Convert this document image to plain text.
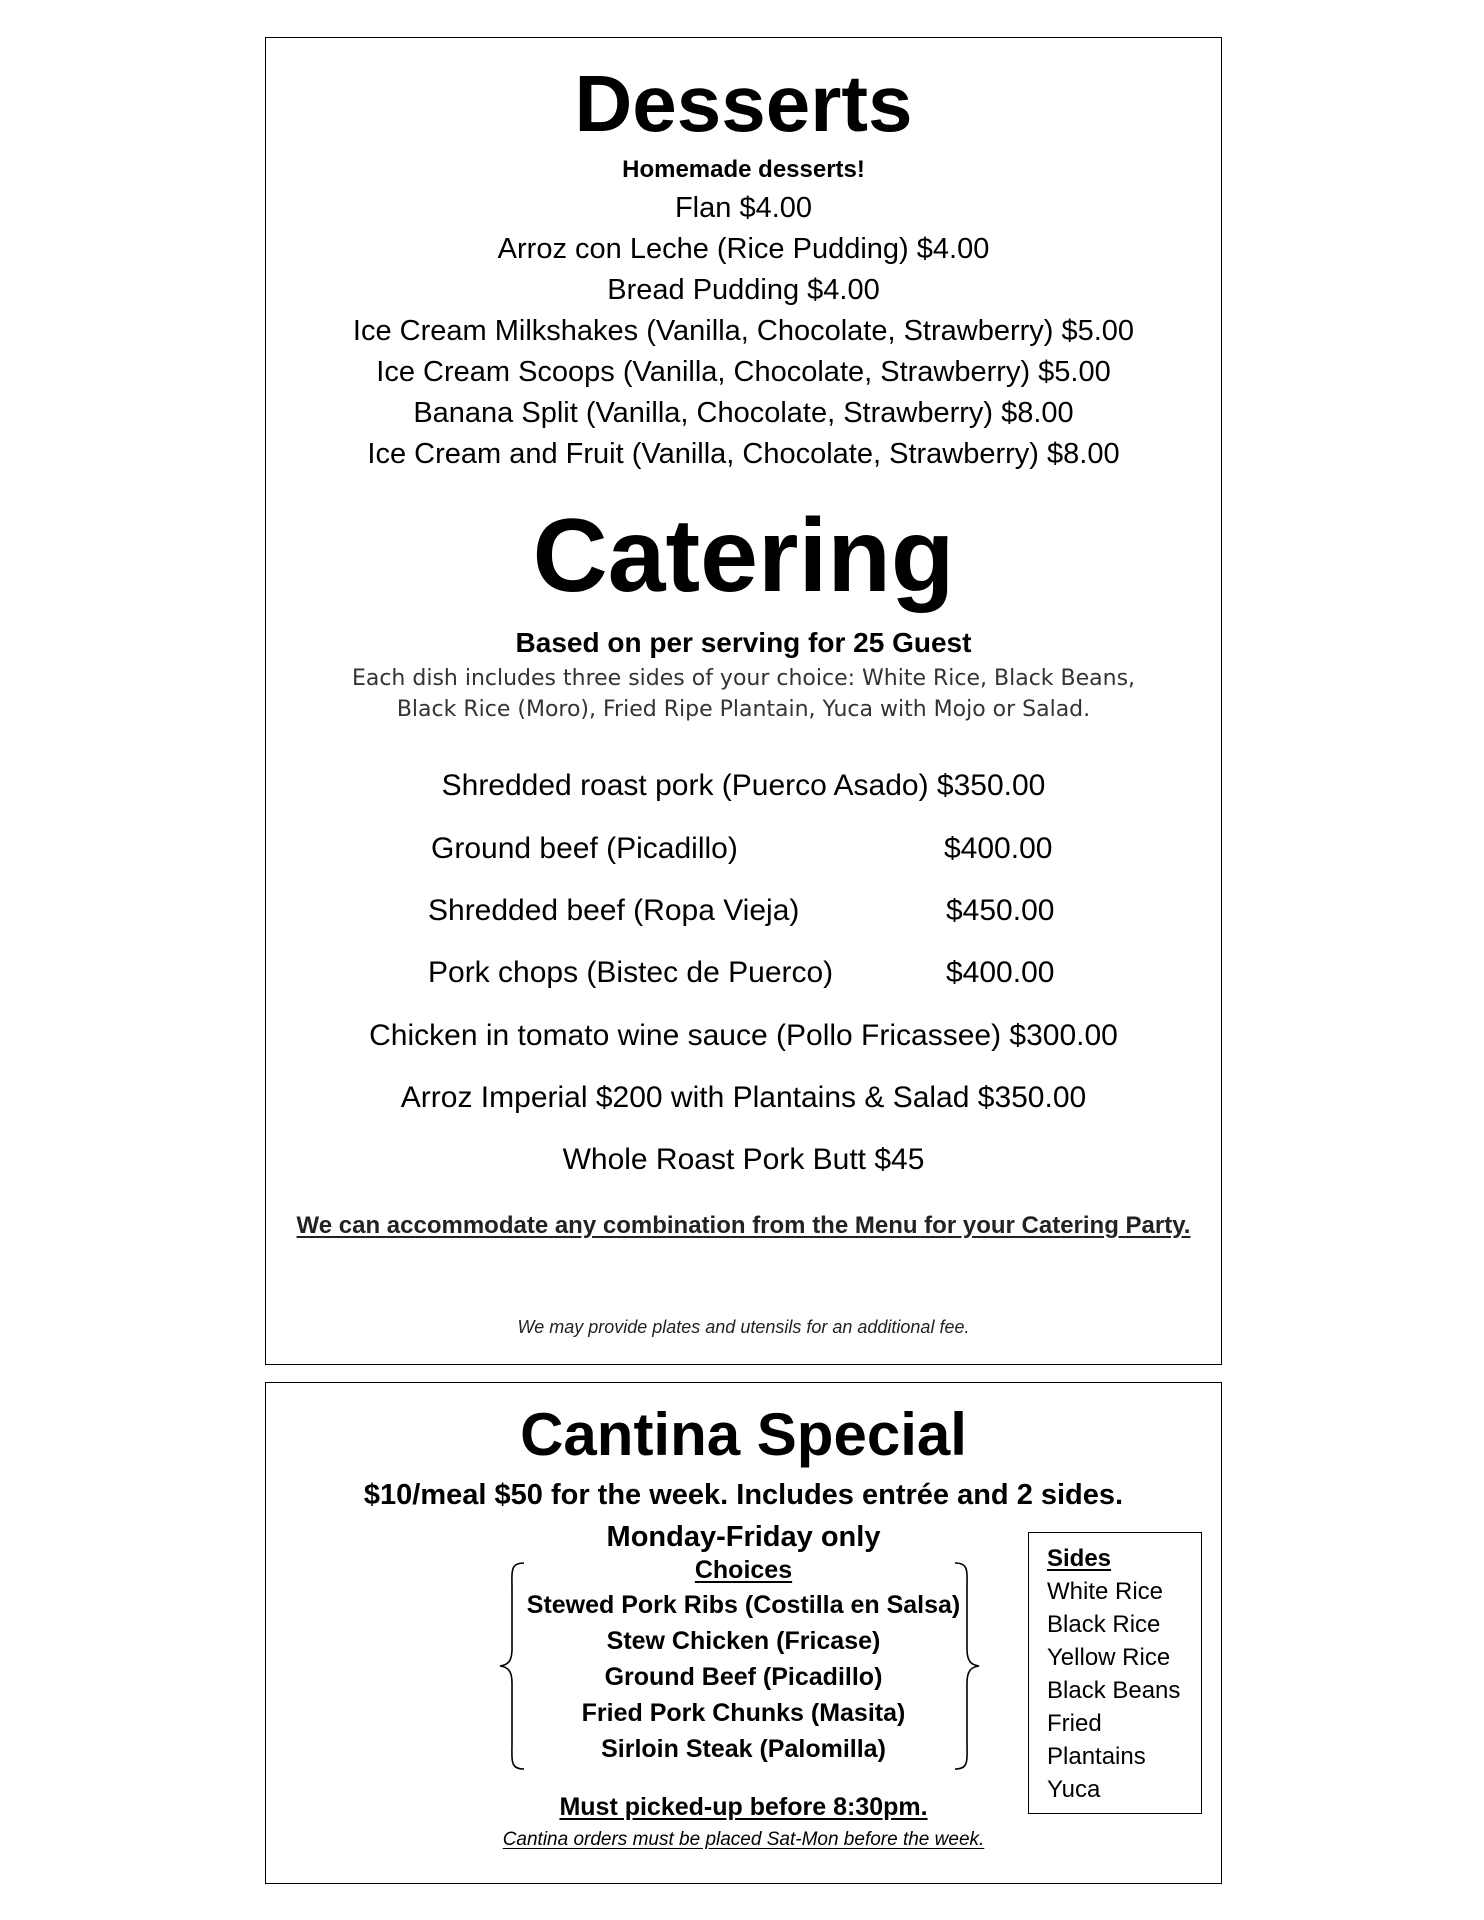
Desserts
Homemade desserts!
Flan $4.00
Arroz con Leche (Rice Pudding) $4.00
Bread Pudding $4.00
Ice Cream Milkshakes (Vanilla, Chocolate, Strawberry) $5.00
Ice Cream Scoops (Vanilla, Chocolate, Strawberry) $5.00
Banana Split (Vanilla, Chocolate, Strawberry) $8.00
Ice Cream and Fruit (Vanilla, Chocolate, Strawberry) $8.00
Catering
Based on per serving for 25 Guest
Each dish includes three sides of your choice: White Rice, Black Beans,
Black Rice (Moro), Fried Ripe Plantain, Yuca with Mojo or Salad.
Shredded roast pork (Puerco Asado) $350.00
Ground beef (Picadillo)	$400.00
Shredded beef (Ropa Vieja)	$450.00
Pork chops (Bistec de Puerco)	$400.00
Chicken in tomato wine sauce (Pollo Fricassee) $300.00
Arroz Imperial $200 with Plantains & Salad $350.00
Whole Roast Pork Butt $45
We can accommodate any combination from the Menu for your Catering Party.
We may provide plates and utensils for an additional fee.
Cantina Special
$10/meal $50 for the week. Includes entrée and 2 sides.
Monday-Friday only
Choices
Stewed Pork Ribs (Costilla en Salsa)
Stew Chicken (Fricase)
Ground Beef (Picadillo)
Fried Pork Chunks (Masita)
Sirloin Steak (Palomilla)
Sides
White Rice
Black Rice
Yellow Rice
Black Beans
Fried
Plantains
Yuca
Must picked-up before 8:30pm.
Cantina orders must be placed Sat-Mon before the week.
